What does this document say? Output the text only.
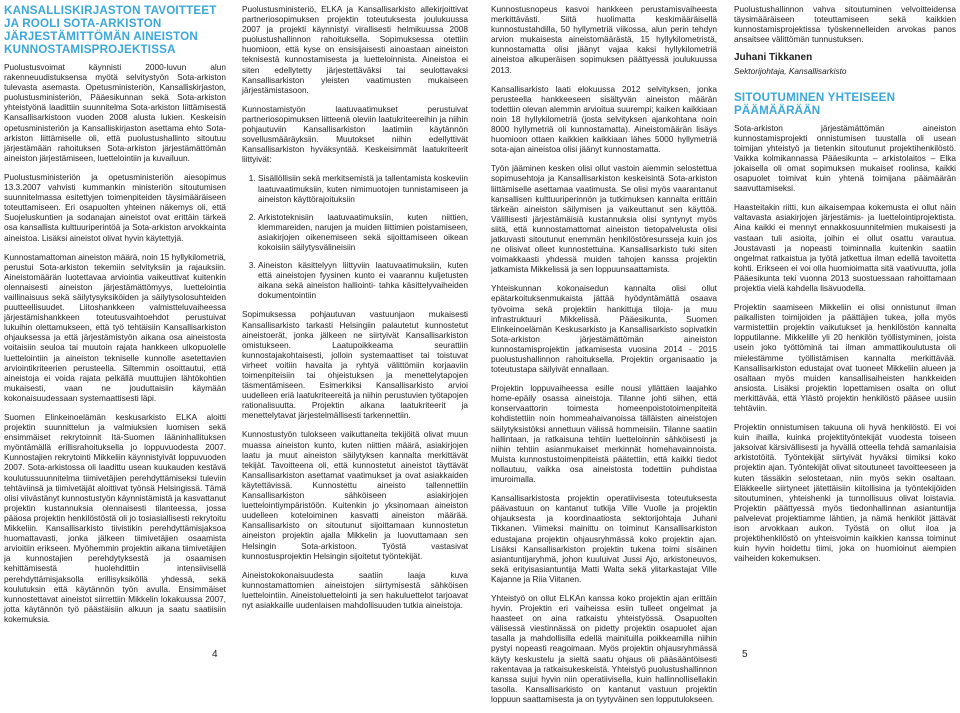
KANSALLISKIRJASTON TAVOITTEET JA ROOLI SOTA-ARKISTON JÄRJESTÄMITTÖMÄN AINEISTON KUNNOSTAMISPROJEKTISSA

Puolustusvoimat käynnisti 2000-luvun alun rakenneuudistuksensa myötä selvitystyön Sota-arkiston tulevasta asemasta. Opetusministeriön, Kansalliskirjaston, puolustusministeriön, Pääesikunnan sekä Sota-arkiston yhteistyönä laadittiin suunnitelma Sota-arkiston liittämisestä Kansallisarkistoon vuoden 2008 alusta lukien. Keskeisin opetusministeriön ja Kansalliskirjaston asettama ehto Sota-arkiston liittämiselle oli, että puolustushallinto sitoutuu järjestämään rahoituksen Sota-arkiston järjestämättömän aineiston järjestämiseen, luettelointiin ja kuvailuun.

Puolustusministeriön ja opetusministeriön aiesopimus 13.3.2007 vahvisti kummankin ministeriön sitoutumisen suunnitelmassa esitettyjen toimenpiteiden täysimääräiseen toteuttamiseen. Eri osapuolten yhteinen näkemys oli, että Suojeluskuntien ja sodanajan aineistot ovat erittäin tärkeä osa kansallista kulttuuriperintöä ja Sota-arkiston arvokkainta aineistoa. Lisäksi aineistot olivat hyvin käytettyjä.

Kunnostamattoman aineiston määrä, noin 15 hyllykilometriä, perustui Sota-arkiston tekemiin selvityksiin ja rajauksiin. Aineistomäärän luotettavaa arviointia vaikeuttivat kuitenkin olennaisesti aineiston järjestämättömyys, luettelointia vaillinaisuus sekä säilytysyksiköiden ja säilytysolosuhteiden puutteellisuudet. Liitoshankkeen valmistteluvaiheessa järjestämishankkeen toteutusvaihtoehdot perustuivat lukuihin olettamukseen, että työ tehtäisiin Kansallisarkiston ohjauksessa ja että järjestämistyön aikana osa aineistosta voitaisiin seuloa tai muutoin rajata hankkeen ulkopuolelle luettelointiin ja aineiston tekniselle kunnolle asetettavien arviointikriteerien perusteella. Siltemmin osoittautui, että aineistoja ei voida rajata pelkällä muuttujien lähtökohtien mukaisesti, vaan ne jouduttaisiin käymään kokonaisuudessaan systemaattisesti läpi.

Suomen Elinkeinoelämän keskusarkisto ELKA aloitti projektin suunnittelun ja valmiuksien luomisen sekä ensimmäiset rekrytoinnit Itä-Suomen lääninhallituksen myöntämällä erillisrahoituksella jo loppuvuodesta 2007. Kunnostajien rekrytointi Mikkeliin käynnistyivät loppuvuoden 2007. Sota-arkistossa oli laadittu usean kuukauden kestävä koulutussuunnitelma tiimivetäjien perehdyttämiseksi tuleviin tehtäviinsä ja tiimivetäjät aloittivat työnsä Helsingissä. Tämä olisi viivästänyt kunnostustyön käynnistämistä ja kasvattanut projektin kustannuksia olennaisesti tilanteessa, jossa pääosa projektin henkilöstöstä oli jo tosiasiallisesti rekrytoitu Mikkeliin. Kansallisarkisto tiivistikin perehdyttämisjaksoa huomattavasti, jonka jälkeen tiimivetäjien osaamista arvioitiin erikseen. Myöhemmin projektin aikana tiimivetäjien ja kunnostajien perehdytyksestä ja osaamisen kehittämisestä huolehdittiin intensiivisellä perehdyttämisjaksolla erillisyksiköllä yhdessä, sekä koulutuksin että käytännön työn avulla. Ensimmäiset kunnostettavat aineistot siirrettiin Mikkelin lokakuussa 2007, jotta käytännön työ päästäisiin alkuun ja saatu saatiisiin kokemuksia.

Puolustusministeriö, ELKA ja Kansallisarkisto allekirjoittivat partneriosopimuksen projektin toteutuksesta joulukuussa 2007 ja projekti käynnistyi virallisesti helmikuussa 2008 puolustushallinnon rahoituksella. Sopimuksessa otettiin huomioon, että kyse on ensisijaisesti ainoastaan aineiston teknisestä kunnostamisesta ja luetteloinnista. Aineistoa ei siten edellytetty järjestettäväksi tai seulottavaksi Kansallisarkiston yleisten vaatimusten mukaiseen järjestämistasoon.

Kunnostamistyön laatuvaatimukset perustuivat partneriosopimuksen liitteenä oleviin laatukriteereihin ja niihin pohjautuviin Kansallisarkiston laatimiin käytännön sovellusmääräyksiin. Muutokset niihin edellyttivät Kansallisarkiston hyväksyntää. Keskeisimmät laatukriteerit liittyivät:

1. Sisällöllisiin sekä merkitsemistä ja tallentamista koskeviin laatuvaatimuksiin, kuten nimimuotojen tunnistamiseen ja aineiston käyttörajoituksiin
2. Arkistoteknisiin laatuvaatimuksiin, kuten niittien, klemmareiden, narujen ja muiden liittimien poistamiseen, asiakirjojen oikenemiseen sekä sijoittamiseen oikean kokoisiin säilytysvälineisiin
3. Aineiston käsittelyyn liittyviin laatuvaatimuksiin, kuten että aineistojen fyysinen kunto ei vaarannu kuljetusten aikana sekä aineiston halliointi- tahka käsittelyvaiheiden dokumentointiin

Sopimuksessa pohjautuvan vastuunjaon mukaisesti Kansallisarkisto tarkasti Helsingiin palautetut kunnostetut aineistoerät, jonka jälkeen ne siirtyivät Kansallisarkiston omistukseen. Laatupoikkeama seurattiin kunnostajakohtaisesti, jolloin systemaattiset tai toistuvat virheet voitiin havaita ja ryhtyä välittömiin korjaaviin toimenpiteisiin tai ohjeistuksen ja menettelytapojen täsmentämiseen. Esimerkiksi Kansallisarkisto arvioi uudelleen eriä laatukriteereitä ja niihin perustuvien työtapojen rationalisuutta. Projektin aikana laatukriteerit ja menettelytavat järjestelmällisesti tarkennettiin.

Kunnostustyön tulokseen vaikuttaneita tekijöitä olivat muun muassa aineiston kunto, kuten niittien määrä, asiakirjojen laatu ja muut aineiston säilytyksen kannalta merkittävät tekijät. Tavoitteena oli, että kunnostetut aineistot täyttävät Kansallisarkiston asettamat vaatimukset ja ovat asiakkaiden käytettävissä. Kunnostettu aineisto tallennettiin Kansallisarkiston sähköiseen asiakirjojen luettelointiympäristöön. Kuitenkin jo yksinomaan aineiston uudelleen koteloiminen kasvatti aineiston määrää. Kansallisarkisto on sitoutunut sijoittamaan kunnostetun aineiston projektin ajalla Mikkelin ja luovuttamaan sen Helsingin Sota-arkistoon. Työstä vastasivat kunnostusprojektin Helsingin sijoitetut työntekijät.

Aineistokokonaisuudesta saatiin laaja kuva kunnostamattomien aineistojen siirtymisestä sähköisen luettelointiin. Aineistoluettelointi ja sen hakuluettelot tarjoavat nyt asiakkaille uudenlaisen mahdollisuuden tutkia aineistoja.

Kunnostusnopeus kasvoi hankkeen perustamisvaiheesta merkittävästi. Siitä huolimatta keskimääräisellä kunnostustahdilla, 50 hyllymetriä viikossa, alun perin tehdyn arvion mukaisesta aineistomäärästä, 15 hyllykilometristä, kunnostamatta olisi jäänyt vajaa kaksi hyllykilometriä aineistoa alkuperäisen sopimuksen päättyessä joulukuussa 2013.

Kansallisarkisto laati elokuussa 2012 selvityksen, jonka perusteella hankkeeseen sisältyvän aineiston määrän todettiin olevan alemmin arvioitua suurempi; kaiken kaikkiaan noin 18 hyllykilometriä (josta selvityksen ajankohtana noin 8000 hyllymetriä oli kunnostamatta). Aineistomäärän lisäys huomioon ottaen kaikkien kaikkiaan lähes 5000 hyllymetriä sota-ajan aineistoa olisi jäänyt kunnostamatta.

Työn jääminen kesken olisi ollut vastoin aiemmin selostettua sopimusehtoja ja Kansallisarkiston keskeisintä Sota-arkiston liittämiselle asettamaa vaatimusta. Se olisi myös vaarantanut kansallisen kulttuuriperinnön ja tutkimuksen kannalta erittäin tärkeän aineiston säilymisen ja vaikeuttanut sen käyttöä. Välillisesti järjestämäisiä kustannuksia olisi syntynyt myös siitä, että kunnostamattomat aineiston tietopalvelusta olisi jatkuvasti sitoutunut enemmän henkilöstöresursseja kuin jos ne olisivat olleet kunnostettuina. Kansallisarkisto tuki siten voimakkaasti yhdessä muiden tahojen kanssa projektin jatkamista Mikkelissä ja sen loppuunsaattamista.

Yhteiskunnan kokonaisedun kannalta olisi ollut epätarkoituksenmukaista jättää hyödyntämättä osaava työvoima sekä projektiin hankittuja tiloja- ja muu infrastruktuuri Mikkelissä. Pääesikunta, Suomen Elinkeinoelämän Keskusarkisto ja Kansallisarkisto sopivatkin Sota-arkiston järjestämättömän aineiston kunnostamisprojektin jatkamisesta vuosina 2014 - 2015 puolustushallinnon rahoituksella. Projektin organisaatio ja toteutustapa säilyivät ennallaan.

Projektin loppuvaiheessa esille nousi yllättäen laajahko home-epäily osassa aineistoja. Tilanne johti siihen, että konservaattorin toimesta homeenpoistotoimenpiteitä kohdistettiin noin hommeahaivanoissa tälläisten aineistojen säilytyksistöksi annettuun välissä hommeisiin. Tilanne saatiin hallintaan, ja ratkaisuna tehtiin luetteloinnin sähköisesti ja niihin tehtiin asianmukaiset merkinnät homehavainnoista. Muista kunnostustoimenpiteistä päätettiin, että kaikki tiedot nollautuu, vaikka osa aineistosta todettiin puhdistaa imuroimalla.

Kansallisarkistosta projektin operatiivisesta toteutuksesta päävastuun on kantanut tutkija Ville Vuolle ja projektin ohjauksesta ja koordinaatiosta sektorijohtaja Juhani Tikkanen. Viimeksi mainittu on toiminut Kansallisarkiston edustajana projektin ohjausryhmässä koko projektin ajan. Lisäksi Kansallisarkiston projektin tukena toimi sisäinen asiantuntijaryhmä, johon kuuluivat Jussi Ajo, arkistoneuvos, sekä erityisasiantuntija Matti Walta sekä ylitarkastajat Ville Kajanne ja Riia Viitanen.

Yhteistyö on ollut ELKAn kanssa koko projektin ajan erittäin hyvin. Projektin eri vaiheissa esiin tulleet ongelmat ja haasteet on aina ratkaistu yhteistyössä. Osapuolten välisessä viestinnässä on pidetty projektin osapuolet ajan tasalla ja mahdollisilla edellä mainituilla poikkeamilla niihin pystyi nopeasti reagoimaan. Myös projektin ohjausryhmässä käyty keskustelu ja sieltä saatu ohjaus oli pääsääntöisesti rakentavaa ja ratkaisukeskeistä. Yhteistyö puolustushallinnon kanssa sujui hyvin niin operatiivisella, kuin hallinnollisellakin tasolla. Kansallisarkisto on kantanut vastuun projektin loppuun saattamisesta ja on tyytyväinen sen lopputulokseen.

Puolustushallinnon vahva sitoutuminen velvoitteidensa täysimääräiseen toteuttamiseen sekä kaikkien kunnostamisprojektissa työskennelleiden arvokas panos ansaitsee välittömän tunnustuksen.

Juhani Tikkanen
Sektorijohtaja, Kansallisarkisto
SITOUTUMINEN YHTEISEEN PÄÄMÄÄRÄÄN

Sota-arkiston järjestämättömän aineiston kunnostamisprojekti onnistumisen tuustalla oli usean toimijan yhteistyö ja tietenkin sitoutunut projektihenkilöstö. Vaikka kolmikannassa Pääesikunta – arkistolaitos – Elka jokaisella oli omat sopimuksen mukaiset roolinsa, kaikki osapuolet toimivat kuin yhtenä toimijana päämäärän saavuttamiseksi.

Haasteitakin riitti, kun aikaisempaa kokemusta ei ollut näin valtavasta asiakirjojen järjestämis- ja luettelointiprojektista. Aina kaikki ei mennyt ennakkosuunnitelmien mukaisesti ja vastaan tuli asioita, joihin ei ollut osattu varautua. Joustavasti ja nopeasti toiminnalla kuitenkin saatiin ongelmat ratkaistua ja työtä jatkettua ilman edellä tavoitetta kohti. Erikseen ei voi olla huomioimatta sitä vaativuutta, jolla Pääesikunta teki vuonna 2013 suostuessaan rahoittamaan projektia vielä kahdella lisävuodella.

Projektin saamiseen Mikkeliin ei olisi onnistunut ilman paikallisten toimijoiden ja päättäjien tukea, jolla myös varmistettiin projektin vaikutukset ja henkilöstön kannalta lopputilanne. Mikkelille yli 20 henkilön työllistyminen, joista usein joko työttöminä tai ilman ammattikoulutusta oli mielestämme työllistämisen kannalta merkittävää. Kansallisarkiston edustajat ovat tuoneet Mikkeliin alueen ja osaltaan myös muiden kansallisaiheisten hankkeiden ansiosta. Lisäksi projektin lopettamisen osalta on ollut merkittävää, että Ylästö projektin henkilöstö pääsee uusiin tehtäviin.

Projektin onnistumisen takuuna oli hyvä henkilöstö. Ei voi kuin ihailla, kuinka projektityöntekijät vuodesta toiseen jaksoivat kärsivällisesti ja hyvällä otteella tehdä samanlaisia arkistotöitä. Työntekijät siirtyivät hyväksi tiimiksi koko projektin ajan. Työntekijät olivat sitoutuneet tavoitteeseen ja kuten tässäkin selostetaan, niin myös sekin osaltaan. Eläkkeelle siirtyneet jätettäisiin kiitollisina ja työntekijöiden sitoutuminen, yhteishenki ja tunnollisuus olivat loistavia. Projektin päättyessä myös tiedonhallinnan asiantuntija palvelevat projektiamme lähtien, ja nämä henkilöt jättävät ison arvokkaan aukon. Työstä on ollut iloa ja projektihenkilöstö on yhteisvoimin kaikkien kanssa toiminut kuin hyvin hoidettu tiimi, joka on huomioinut aiempien vaiheiden kokemuksen.

4	5
